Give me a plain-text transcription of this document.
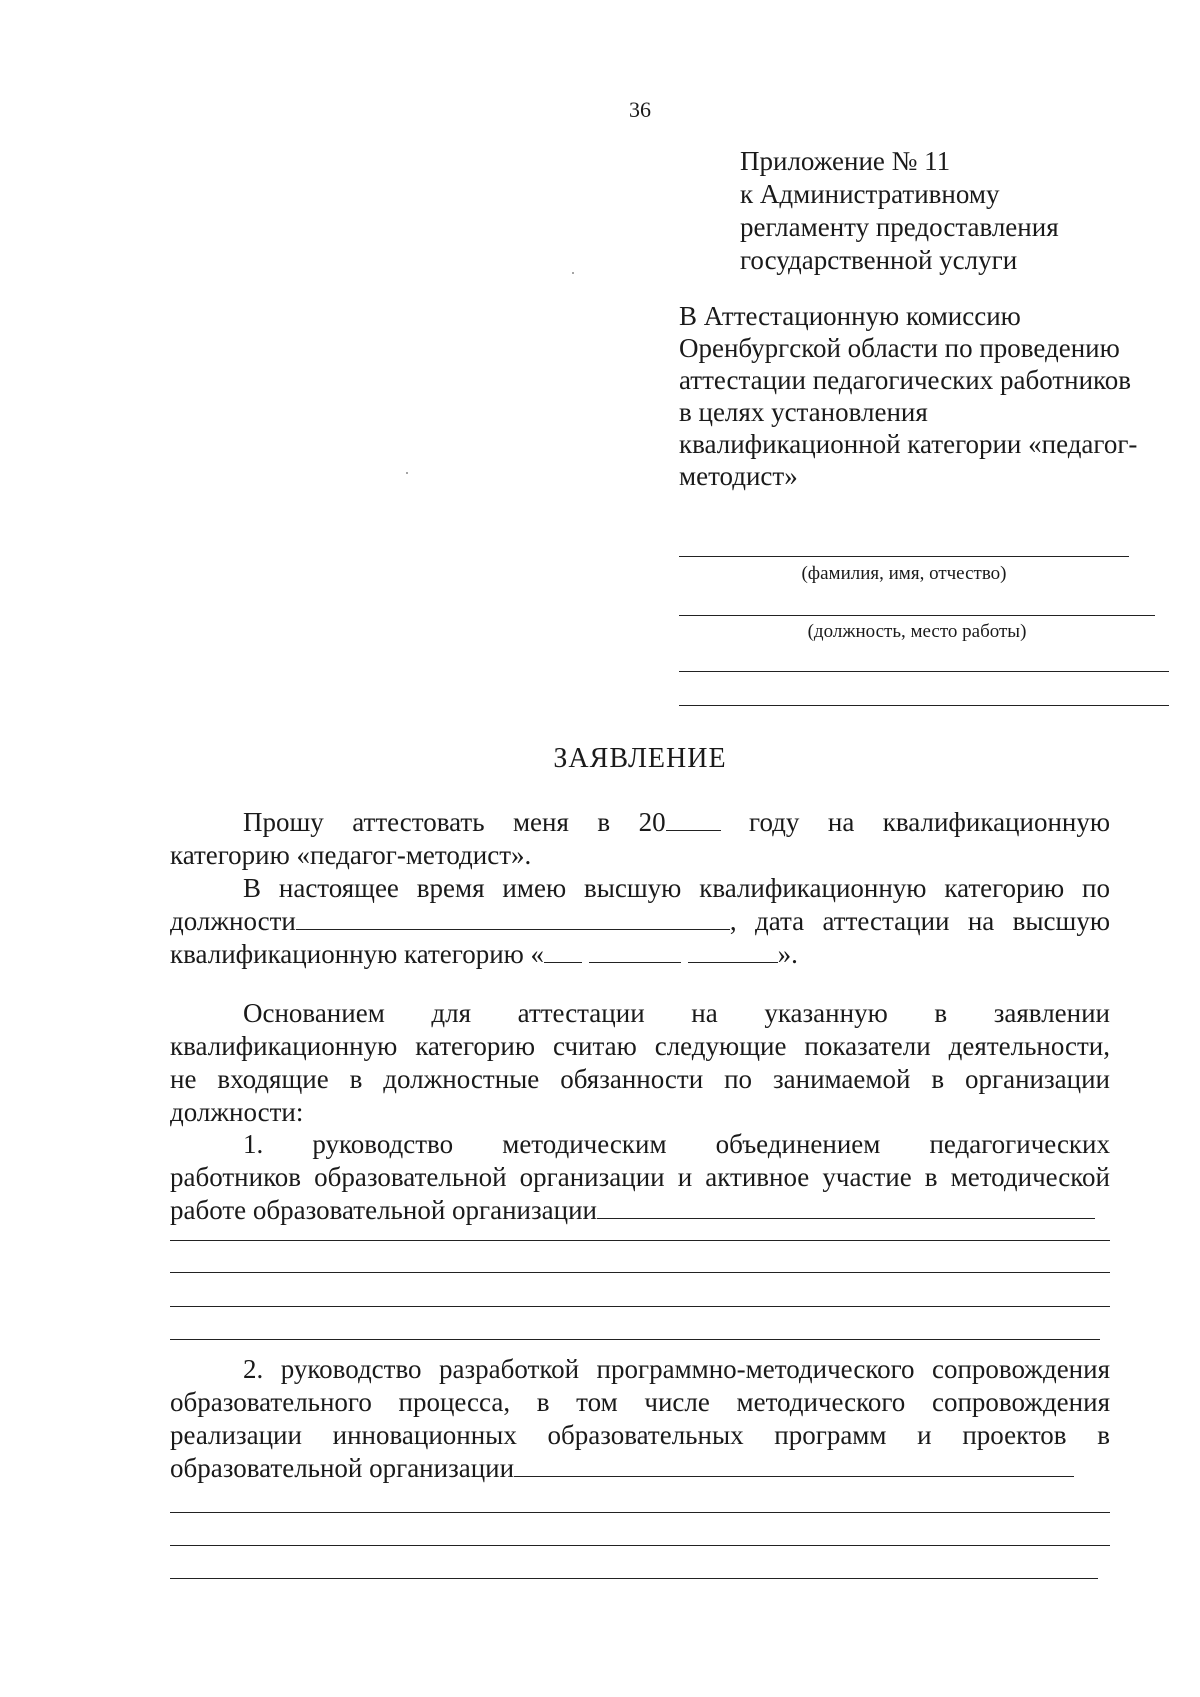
36
Приложение № 11
к Административному
регламенту предоставления
государственной услуги
В Аттестационную комиссию
Оренбургской области по проведению
аттестации педагогических работников
в целях установления
квалификационной категории «педагог-
методист»
(фамилия, имя, отчество)
(должность, место работы)
ЗАЯВЛЕНИЕ
Прошу аттестовать меня в 20	году на квалификационную
категорию «педагог-методист».
В настоящее время имею высшую квалификационную категорию по
должности	, дата аттестации на высшую
квалификационную категорию «	».
Основанием для аттестации на указанную в заявлении
квалификационную категорию считаю следующие показатели деятельности,
не входящие в должностные обязанности по занимаемой в организации
должности:
1. руководство методическим объединением педагогических
работников образовательной организации и активное участие в методической
работе образовательной организации
2. руководство разработкой программно-методического сопровождения
образовательного процесса, в том числе методического сопровождения
реализации инновационных образовательных программ и проектов в
образовательной организации
